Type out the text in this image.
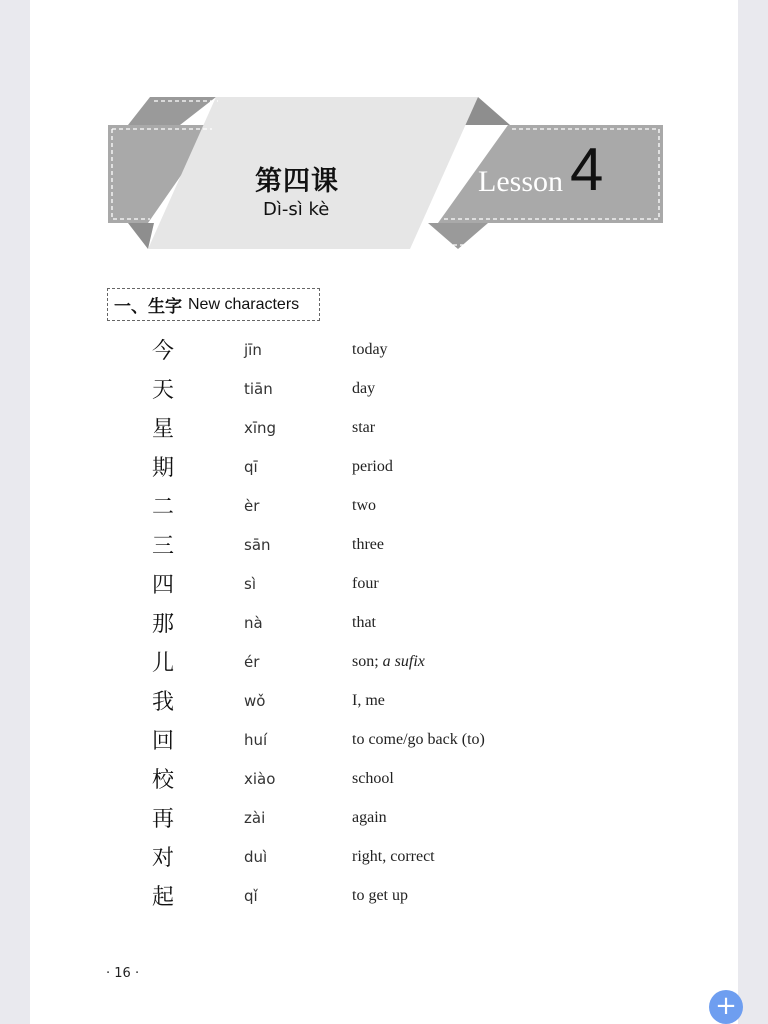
第四课
Dì-sì kè
Lesson 4
一、生字 New characters
今	jīn	today
天	tiān	day
星	xīng	star
期	qī	period
二	èr	two
三	sān	three
四	sì	four
那	nà	that
儿	ér	son; a sufix
我	wǒ	I, me
回	huí	to come/go back (to)
校	xiào	school
再	zài	again
对	duì	right, correct
起	qǐ	to get up
· 16 ·
+
